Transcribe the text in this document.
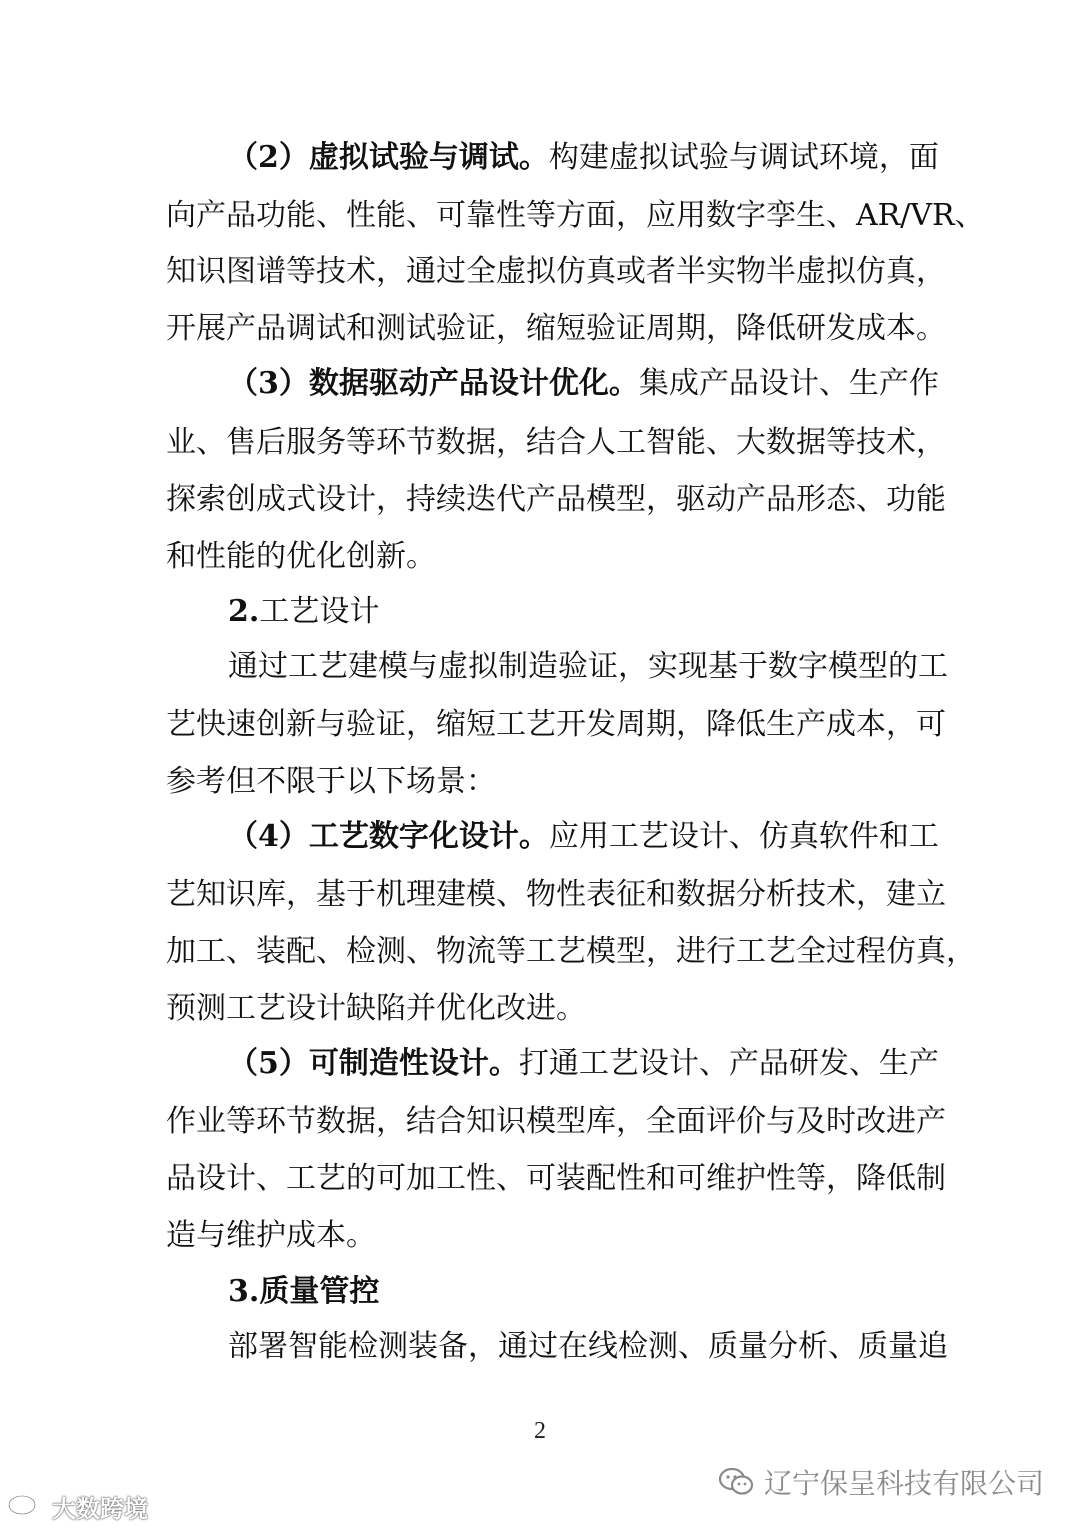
（2）虚拟试验与调试。构建虚拟试验与调试环境，面
向产品功能、性能、可靠性等方面，应用数字孪生、AR/VR、
知识图谱等技术，通过全虚拟仿真或者半实物半虚拟仿真，
开展产品调试和测试验证，缩短验证周期，降低研发成本。
（3）数据驱动产品设计优化。集成产品设计、生产作
业、售后服务等环节数据，结合人工智能、大数据等技术，
探索创成式设计，持续迭代产品模型，驱动产品形态、功能
和性能的优化创新。
2.工艺设计
通过工艺建模与虚拟制造验证，实现基于数字模型的工
艺快速创新与验证，缩短工艺开发周期，降低生产成本，可
参考但不限于以下场景：
（4）工艺数字化设计。应用工艺设计、仿真软件和工
艺知识库，基于机理建模、物性表征和数据分析技术，建立
加工、装配、检测、物流等工艺模型，进行工艺全过程仿真，
预测工艺设计缺陷并优化改进。
（5）可制造性设计。打通工艺设计、产品研发、生产
作业等环节数据，结合知识模型库，全面评价与及时改进产
品设计、工艺的可加工性、可装配性和可维护性等，降低制
造与维护成本。
3.质量管控
部署智能检测装备，通过在线检测、质量分析、质量追
2
辽宁保呈科技有限公司
大数跨境
